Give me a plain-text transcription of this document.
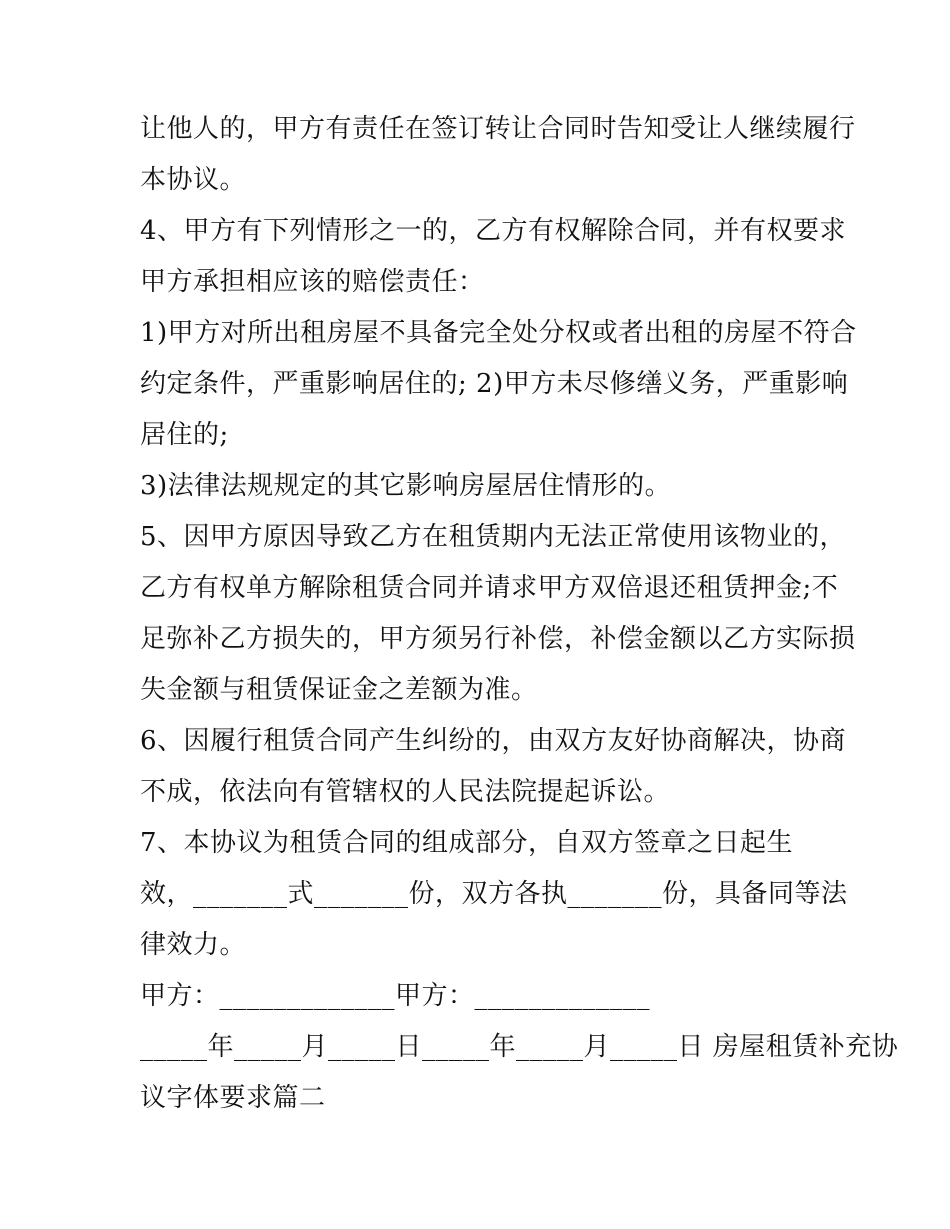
让他人的，甲方有责任在签订转让合同时告知受让人继续履行
本协议。
4、甲方有下列情形之一的，乙方有权解除合同，并有权要求
甲方承担相应该的赔偿责任：
1)甲方对所出租房屋不具备完全处分权或者出租的房屋不符合
约定条件，严重影响居住的; 2)甲方未尽修缮义务，严重影响
居住的;
3)法律法规规定的其它影响房屋居住情形的。
5、因甲方原因导致乙方在租赁期内无法正常使用该物业的，
乙方有权单方解除租赁合同并请求甲方双倍退还租赁押金;不
足弥补乙方损失的，甲方须另行补偿，补偿金额以乙方实际损
失金额与租赁保证金之差额为准。
6、因履行租赁合同产生纠纷的，由双方友好协商解决，协商
不成，依法向有管辖权的人民法院提起诉讼。
7、本协议为租赁合同的组成部分，自双方签章之日起生
效，_______式_______份，双方各执_______份，具备同等法
律效力。
甲方：_____________甲方：_____________
_____年_____月_____日_____年_____月_____日 房屋租赁补充协
议字体要求篇二
